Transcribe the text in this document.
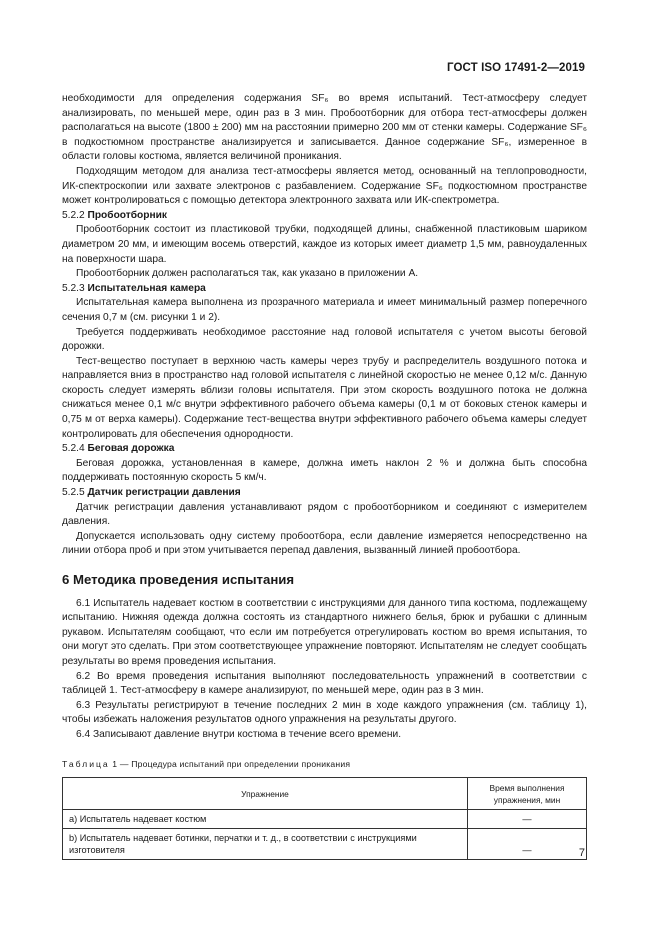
ГОСТ ISO 17491-2—2019

необходимости для определения содержания SF₆ во время испытаний. Тест-атмосферу следует анализировать, по меньшей мере, один раз в 3 мин. Пробоотборник для отбора тест-атмосферы должен располагаться на высоте (1800 ± 200) мм на расстоянии примерно 200 мм от стенки камеры. Содержание SF₆ в подкостюмном пространстве анализируется и записывается. Данное содержание SF₆, измеренное в области головы костюма, является величиной проникания.

Подходящим методом для анализа тест-атмосферы является метод, основанный на теплопроводности, ИК-спектроскопии или захвате электронов с разбавлением. Содержание SF₆ подкостюмном пространстве может контролироваться с помощью детектора электронного захвата или ИК-спектрометра.

5.2.2 Пробоотборник

Пробоотборник состоит из пластиковой трубки, подходящей длины, снабженной пластиковым шариком диаметром 20 мм, и имеющим восемь отверстий, каждое из которых имеет диаметр 1,5 мм, равноудаленных на поверхности шара.

Пробоотборник должен располагаться так, как указано в приложении А.

5.2.3 Испытательная камера

Испытательная камера выполнена из прозрачного материала и имеет минимальный размер поперечного сечения 0,7 м (см. рисунки 1 и 2).

Требуется поддерживать необходимое расстояние над головой испытателя с учетом высоты беговой дорожки.

Тест-вещество поступает в верхнюю часть камеры через трубу и распределитель воздушного потока и направляется вниз в пространство над головой испытателя с линейной скоростью не менее 0,12 м/с. Данную скорость следует измерять вблизи головы испытателя. При этом скорость воздушного потока не должна снижаться менее 0,1 м/с внутри эффективного рабочего объема камеры (0,1 м от боковых стенок камеры и 0,75 м от верха камеры). Содержание тест-вещества внутри эффективного рабочего объема камеры следует контролировать для обеспечения однородности.

5.2.4 Беговая дорожка

Беговая дорожка, установленная в камере, должна иметь наклон 2 % и должна быть способна поддерживать постоянную скорость 5 км/ч.

5.2.5 Датчик регистрации давления

Датчик регистрации давления устанавливают рядом с пробоотборником и соединяют с измерителем давления.

Допускается использовать одну систему пробоотбора, если давление измеряется непосредственно на линии отбора проб и при этом учитывается перепад давления, вызванный линией пробоотбора.

6 Методика проведения испытания

6.1 Испытатель надевает костюм в соответствии с инструкциями для данного типа костюма, подлежащему испытанию. Нижняя одежда должна состоять из стандартного нижнего белья, брюк и рубашки с длинным рукавом. Испытателям сообщают, что если им потребуется отрегулировать костюм во время испытания, то они могут это сделать. При этом соответствующее упражнение повторяют. Испытателям не следует сообщать результаты во время проведения испытания.

6.2 Во время проведения испытания выполняют последовательность упражнений в соответствии с таблицей 1. Тест-атмосферу в камере анализируют, по меньшей мере, один раз в 3 мин.

6.3 Результаты регистрируют в течение последних 2 мин в ходе каждого упражнения (см. таблицу 1), чтобы избежать наложения результатов одного упражнения на результаты другого.

6.4 Записывают давление внутри костюма в течение всего времени.

Таблица 1 — Процедура испытаний при определении проникания
Упражнение	Время выполнения упражнения, мин
a) Испытатель надевает костюм	—
b) Испытатель надевает ботинки, перчатки и т. д., в соответствии с инструкциями изготовителя	—	7
